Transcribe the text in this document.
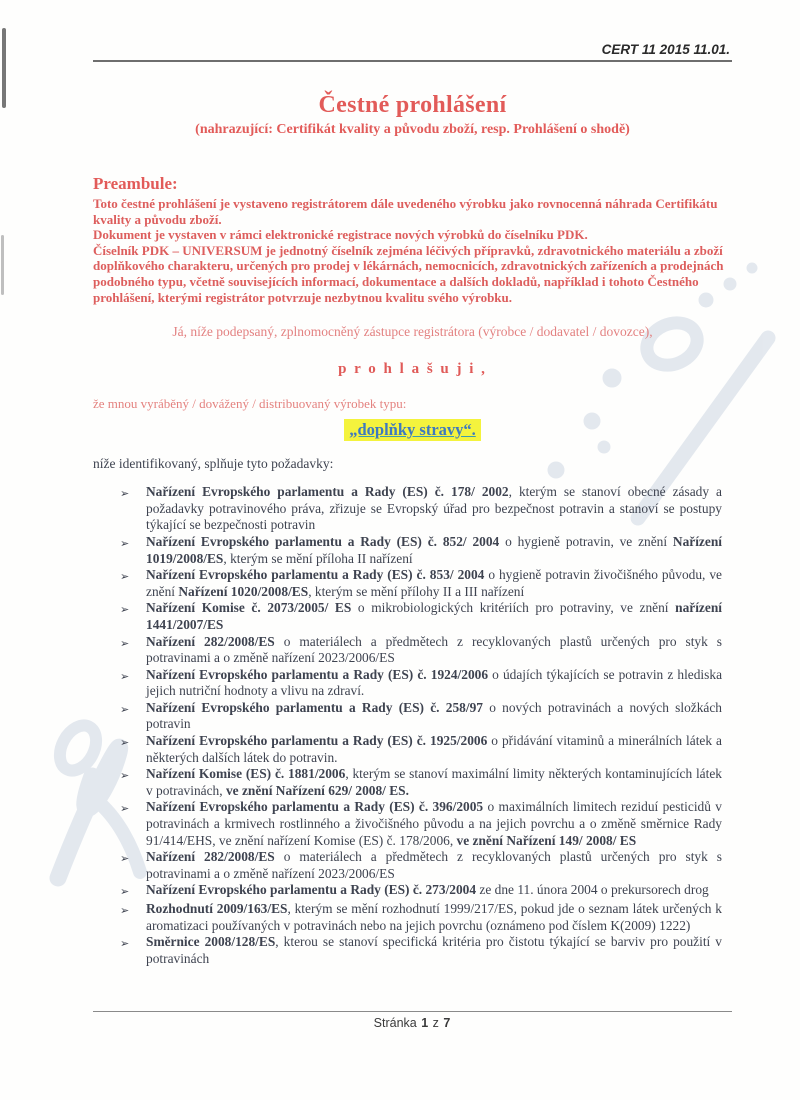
CERT 11 2015 11.01.
Čestné prohlášení
(nahrazující: Certifikát kvality a původu zboží, resp. Prohlášení o shodě)
Preambule:

Toto čestné prohlášení je vystaveno registrátorem dále uvedeného výrobku jako rovnocenná náhrada Certifikátu kvality a původu zboží.

Dokument je vystaven v rámci elektronické registrace nových výrobků do číselníku PDK.

Číselník PDK – UNIVERSUM je jednotný číselník zejména léčivých přípravků, zdravotnického materiálu a zboží doplňkového charakteru, určených pro prodej v lékárnách, nemocnicích, zdravotnických zařízeních a prodejnách podobného typu, včetně souvisejících informací, dokumentace a dalších dokladů, například i tohoto Čestného prohlášení, kterými registrátor potvrzuje nezbytnou kvalitu svého výrobku.

Já, níže podepsaný, zplnomocněný zástupce registrátora (výrobce / dodavatel / dovozce),

p r o h l a š u j i ,

že mnou vyráběný / dovážený / distribuovaný výrobek typu:

„doplňky stravy“.

níže identifikovaný, splňuje tyto požadavky:

➢	Nařízení Evropského parlamentu a Rady (ES) č. 178/ 2002, kterým se stanoví obecné zásady a požadavky potravinového práva, zřizuje se Evropský úřad pro bezpečnost potravin a stanoví se postupy týkající se bezpečnosti potravin
➢	Nařízení Evropského parlamentu a Rady (ES) č. 852/ 2004 o hygieně potravin, ve znění Nařízení 1019/2008/ES, kterým se mění příloha II nařízení
➢	Nařízení Evropského parlamentu a Rady (ES) č. 853/ 2004 o hygieně potravin živočišného původu, ve znění Nařízení 1020/2008/ES, kterým se mění přílohy II a III nařízení
➢	Nařízení Komise č. 2073/2005/ ES o mikrobiologických kritériích pro potraviny, ve znění nařízení 1441/2007/ES
➢	Nařízení 282/2008/ES o materiálech a předmětech z recyklovaných plastů určených pro styk s potravinami a o změně nařízení 2023/2006/ES
➢	Nařízení Evropského parlamentu a Rady (ES) č. 1924/2006 o údajích týkajících se potravin z hlediska jejich nutriční hodnoty a vlivu na zdraví.
➢	Nařízení Evropského parlamentu a Rady (ES) č. 258/97 o nových potravinách a nových složkách potravin
➢	Nařízení Evropského parlamentu a Rady (ES) č. 1925/2006 o přidávání vitaminů a minerálních látek a některých dalších látek do potravin.
➢	Nařízení Komise (ES) č. 1881/2006, kterým se stanoví maximální limity některých kontaminujících látek v potravinách, ve znění Nařízení 629/ 2008/ ES.
➢	Nařízení Evropského parlamentu a Rady (ES) č. 396/2005 o maximálních limitech reziduí pesticidů v potravinách a krmivech rostlinného a živočišného původu a na jejich povrchu a o změně směrnice Rady 91/414/EHS, ve znění nařízení Komise (ES) č. 178/2006, ve znění Nařízení 149/ 2008/ ES
➢	Nařízení 282/2008/ES o materiálech a předmětech z recyklovaných plastů určených pro styk s potravinami a o změně nařízení 2023/2006/ES
➢	Nařízení Evropského parlamentu a Rady (ES) č. 273/2004 ze dne 11. února 2004 o prekursorech drog
➢	Rozhodnutí 2009/163/ES, kterým se mění rozhodnutí 1999/217/ES, pokud jde o seznam látek určených k aromatizaci používaných v potravinách nebo na jejich povrchu (oznámeno pod číslem K(2009) 1222)
➢	Směrnice 2008/128/ES, kterou se stanoví specifická kritéria pro čistotu týkající se barviv pro použití v potravinách
Stránka 1 z 7
